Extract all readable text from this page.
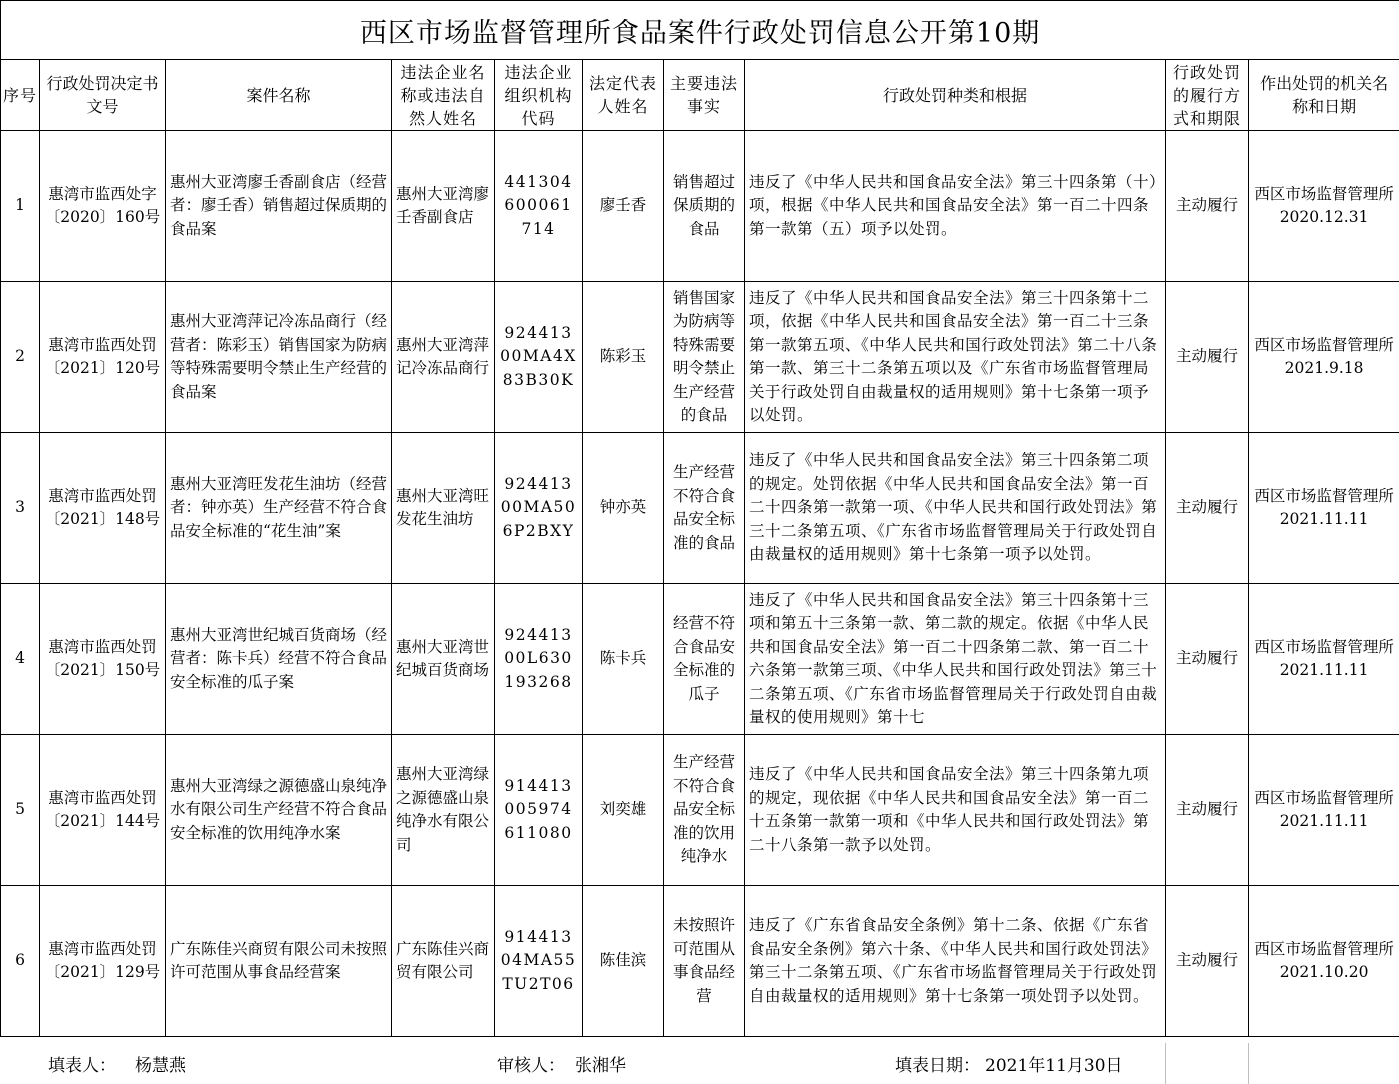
西区市场监督管理所食品案件行政处罚信息公开第10期									
序号	行政处罚决定书文号	案件名称	违法企业名称或违法自然人姓名	违法企业组织机构代码	法定代表人姓名	主要违法事实	行政处罚种类和根据	行政处罚的履行方式和期限	作出处罚的机关名称和日期
1	惠湾市监西处字〔2020〕160号	惠州大亚湾廖壬香副食店（经营者：廖壬香）销售超过保质期的食品案	惠州大亚湾廖壬香副食店	441304600061714	廖壬香	销售超过保质期的食品	违反了《中华人民共和国食品安全法》第三十四条第（十）项，根据《中华人民共和国食品安全法》第一百二十四条第一款第（五）项予以处罚。	主动履行	西区市场监督管理所2020.12.31
2	惠湾市监西处罚〔2021〕120号	惠州大亚湾萍记冷冻品商行（经营者：陈彩玉）销售国家为防病等特殊需要明令禁止生产经营的食品案	惠州大亚湾萍记冷冻品商行	92441300MA4X83B30K	陈彩玉	销售国家为防病等特殊需要明令禁止生产经营的食品	违反了《中华人民共和国食品安全法》第三十四条第十二项，依据《中华人民共和国食品安全法》第一百二十三条第一款第五项、《中华人民共和国行政处罚法》第二十八条第一款、第三十二条第五项以及《广东省市场监督管理局关于行政处罚自由裁量权的适用规则》第十七条第一项予以处罚。	主动履行	西区市场监督管理所2021.9.18
3	惠湾市监西处罚〔2021〕148号	惠州大亚湾旺发花生油坊（经营者：钟亦英）生产经营不符合食品安全标准的“花生油”案	惠州大亚湾旺发花生油坊	92441300MA506P2BXY	钟亦英	生产经营不符合食品安全标准的食品	违反了《中华人民共和国食品安全法》第三十四条第二项的规定。处罚依据《中华人民共和国食品安全法》第一百二十四条第一款第一项、《中华人民共和国行政处罚法》第三十二条第五项、《广东省市场监督管理局关于行政处罚自由裁量权的适用规则》第十七条第一项予以处罚。	主动履行	西区市场监督管理所2021.11.11
4	惠湾市监西处罚〔2021〕150号	惠州大亚湾世纪城百货商场（经营者：陈卡兵）经营不符合食品安全标准的瓜子案	惠州大亚湾世纪城百货商场	92441300L630193268	陈卡兵	经营不符合食品安全标准的瓜子	违反了《中华人民共和国食品安全法》第三十四条第十三项和第五十三条第一款、第二款的规定。依据《中华人民共和国食品安全法》第一百二十四条第二款、第一百二十六条第一款第三项、《中华人民共和国行政处罚法》第三十二条第五项、《广东省市场监督管理局关于行政处罚自由裁量权的使用规则》第十七	主动履行	西区市场监督管理所2021.11.11
5	惠湾市监西处罚〔2021〕144号	惠州大亚湾绿之源德盛山泉纯净水有限公司生产经营不符合食品安全标准的饮用纯净水案	惠州大亚湾绿之源德盛山泉纯净水有限公司	914413005974611080	刘奕雄	生产经营不符合食品安全标准的饮用纯净水	违反了《中华人民共和国食品安全法》第三十四条第九项的规定，现依据《中华人民共和国食品安全法》第一百二十五条第一款第一项和《中华人民共和国行政处罚法》第二十八条第一款予以处罚。	主动履行	西区市场监督管理所2021.11.11
6	惠湾市监西处罚〔2021〕129号	广东陈佳兴商贸有限公司未按照许可范围从事食品经营案	广东陈佳兴商贸有限公司	91441304MA55TU2T06	陈佳滨	未按照许可范围从事食品经营	违反了《广东省食品安全条例》第十二条、依据《广东省食品安全条例》第六十条、《中华人民共和国行政处罚法》第三十二条第五项、《广东省市场监督管理局关于行政处罚自由裁量权的适用规则》第十七条第一项处罚予以处罚。	主动履行	西区市场监督管理所2021.10.20
填表人： 杨慧燕	审核人： 张湘华	填表日期： 2021年11月30日
